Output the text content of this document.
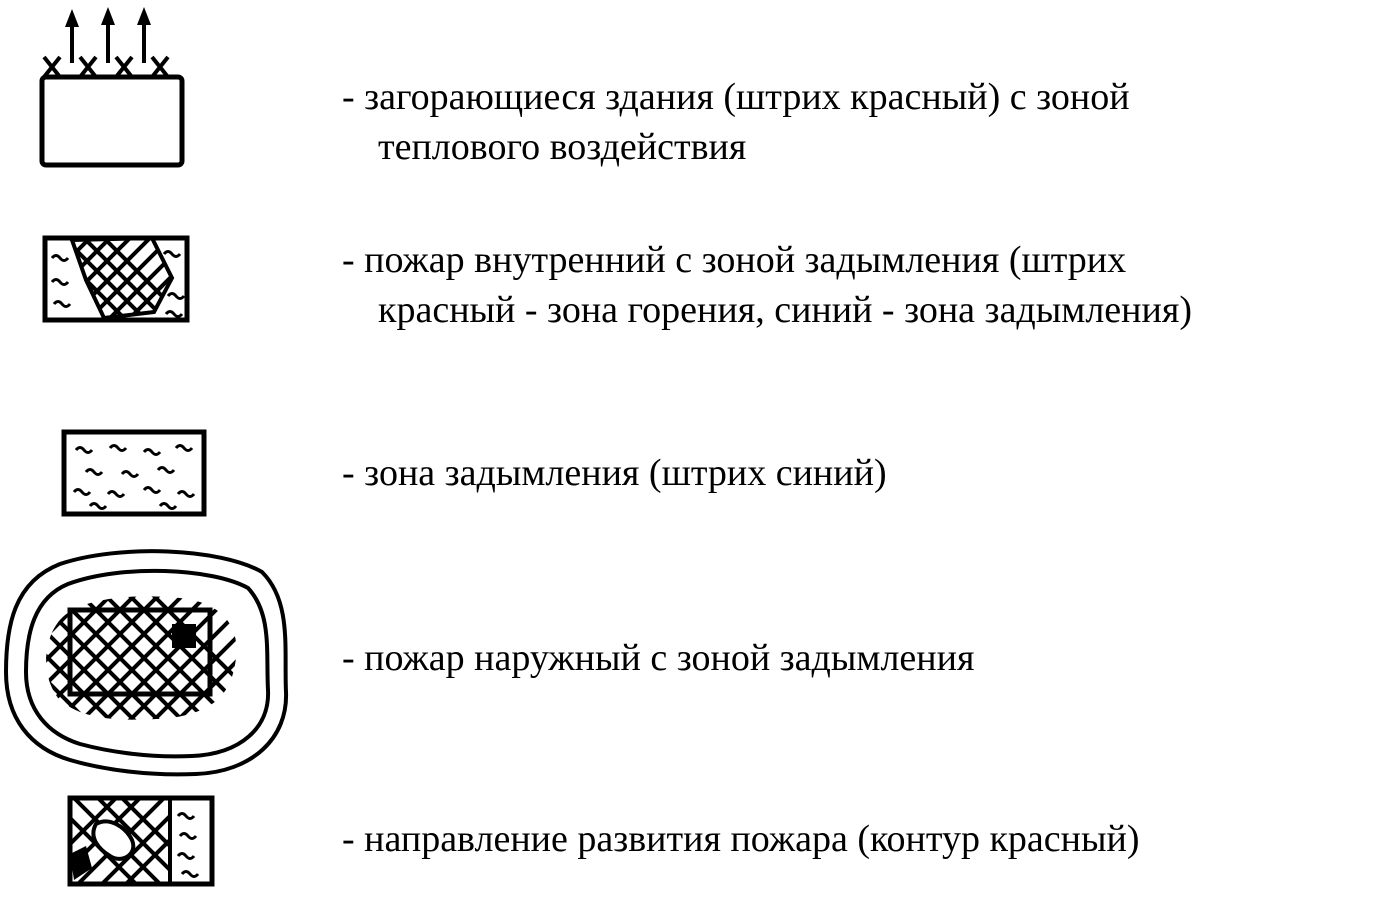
- загорающиеся здания (штрих красный) с зоной
теплового воздействия
- пожар внутренний с зоной задымления (штрих
красный - зона горения, синий - зона задымления)
- зона задымления (штрих синий)
- пожар наружный с зоной задымления
- направление развития пожара (контур красный)
